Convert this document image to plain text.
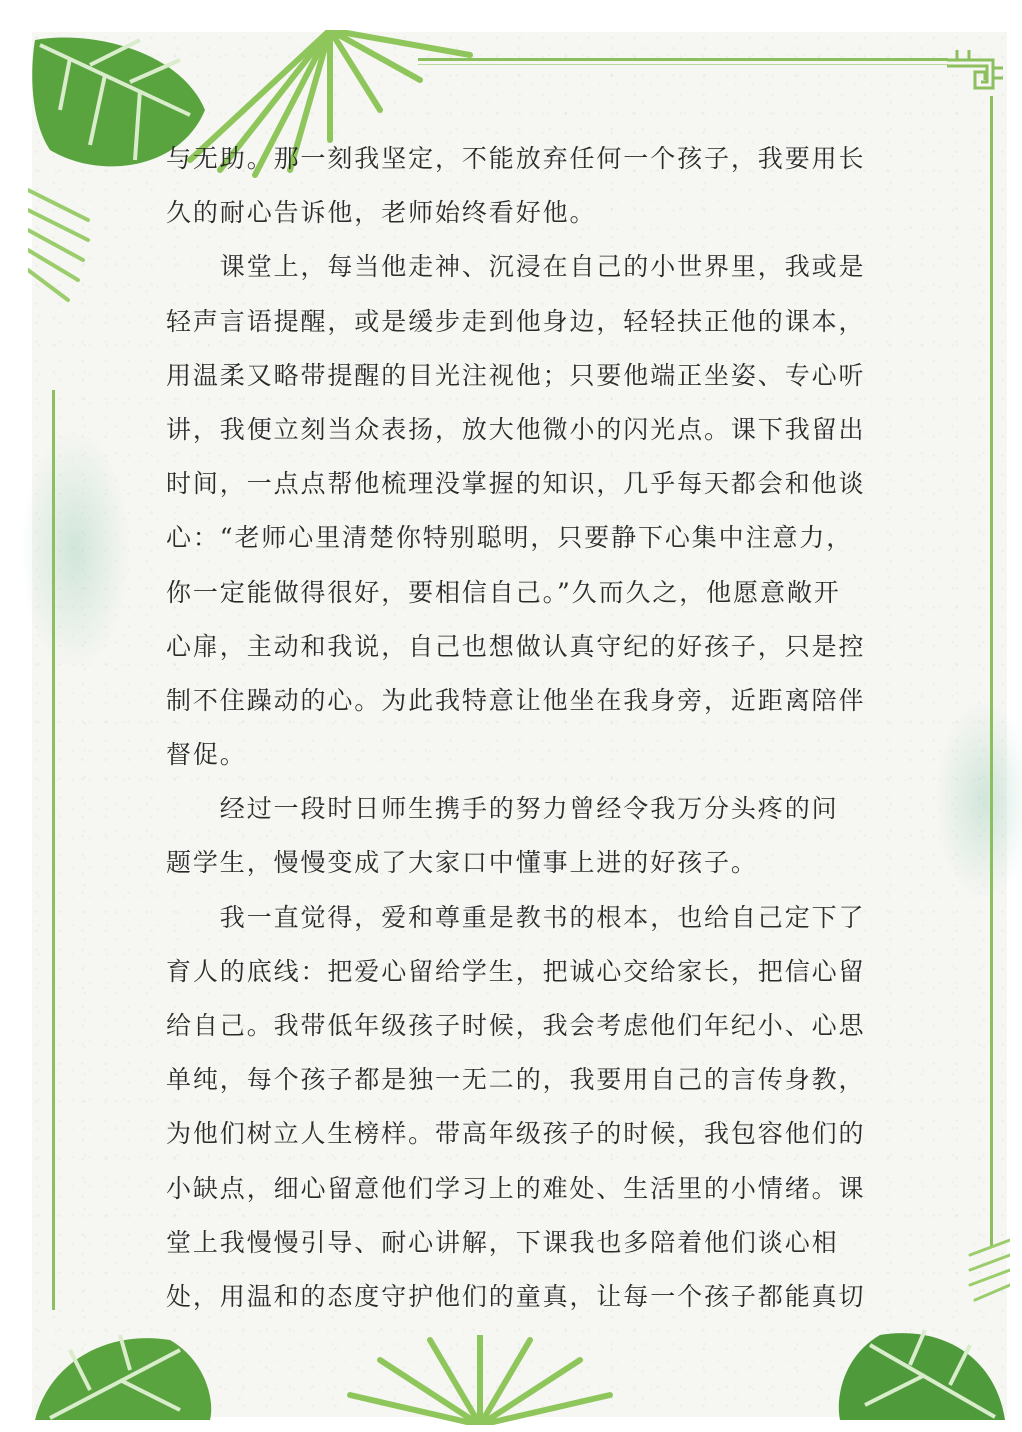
与无助。那一刻我坚定，不能放弃任何一个孩子，我要用长
久的耐心告诉他，老师始终看好他。
　　课堂上，每当他走神、沉浸在自己的小世界里，我或是
轻声言语提醒，或是缓步走到他身边，轻轻扶正他的课本，
用温柔又略带提醒的目光注视他；只要他端正坐姿、专心听
讲，我便立刻当众表扬，放大他微小的闪光点。课下我留出
时间，一点点帮他梳理没掌握的知识，几乎每天都会和他谈
心：“老师心里清楚你特别聪明，只要静下心集中注意力，
你一定能做得很好，要相信自己。”久而久之，他愿意敞开
心扉，主动和我说，自己也想做认真守纪的好孩子，只是控
制不住躁动的心。为此我特意让他坐在我身旁，近距离陪伴
督促。
　　经过一段时日师生携手的努力曾经令我万分头疼的问
题学生，慢慢变成了大家口中懂事上进的好孩子。
　　我一直觉得，爱和尊重是教书的根本，也给自己定下了
育人的底线：把爱心留给学生，把诚心交给家长，把信心留
给自己。我带低年级孩子时候，我会考虑他们年纪小、心思
单纯，每个孩子都是独一无二的，我要用自己的言传身教，
为他们树立人生榜样。带高年级孩子的时候，我包容他们的
小缺点，细心留意他们学习上的难处、生活里的小情绪。课
堂上我慢慢引导、耐心讲解，下课我也多陪着他们谈心相
处，用温和的态度守护他们的童真，让每一个孩子都能真切
